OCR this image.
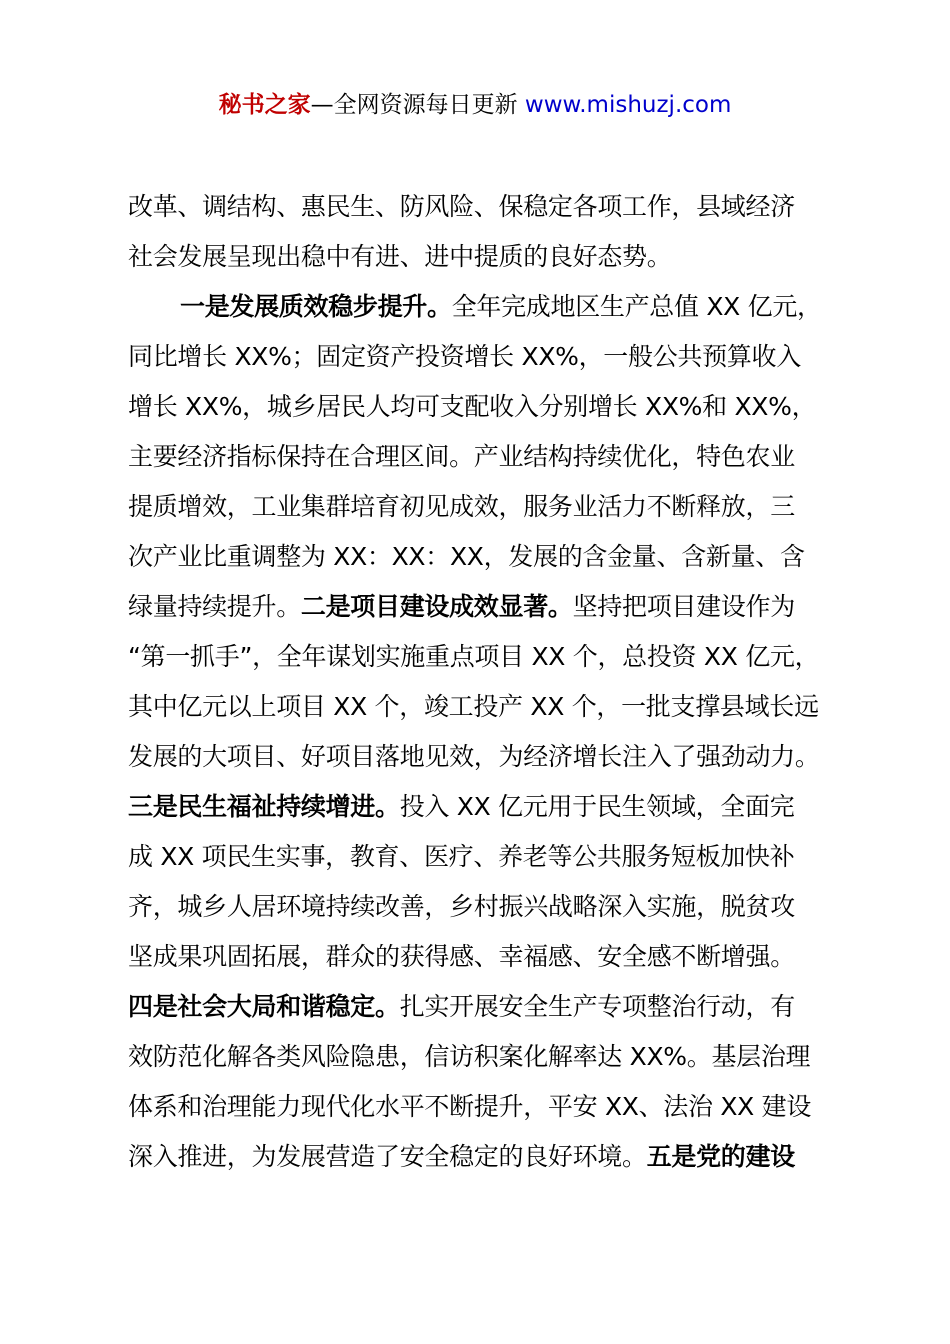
秘书之家—全网资源每日更新 www.mishuzj.com
改革、调结构、惠民生、防风险、保稳定各项工作，县域经济
社会发展呈现出稳中有进、进中提质的良好态势。
一是发展质效稳步提升。全年完成地区生产总值 XX 亿元，
同比增长 XX%；固定资产投资增长 XX%，一般公共预算收入
增长 XX%，城乡居民人均可支配收入分别增长 XX%和 XX%，
主要经济指标保持在合理区间。产业结构持续优化，特色农业
提质增效，工业集群培育初见成效，服务业活力不断释放，三
次产业比重调整为 XX：XX：XX，发展的含金量、含新量、含
绿量持续提升。二是项目建设成效显著。坚持把项目建设作为
“第一抓手”，全年谋划实施重点项目 XX 个，总投资 XX 亿元，
其中亿元以上项目 XX 个，竣工投产 XX 个，一批支撑县域长远
发展的大项目、好项目落地见效，为经济增长注入了强劲动力。
三是民生福祉持续增进。投入 XX 亿元用于民生领域，全面完
成 XX 项民生实事，教育、医疗、养老等公共服务短板加快补
齐，城乡人居环境持续改善，乡村振兴战略深入实施，脱贫攻
坚成果巩固拓展，群众的获得感、幸福感、安全感不断增强。
四是社会大局和谐稳定。扎实开展安全生产专项整治行动，有
效防范化解各类风险隐患，信访积案化解率达 XX%。基层治理
体系和治理能力现代化水平不断提升，平安 XX、法治 XX 建设
深入推进，为发展营造了安全稳定的良好环境。五是党的建设
